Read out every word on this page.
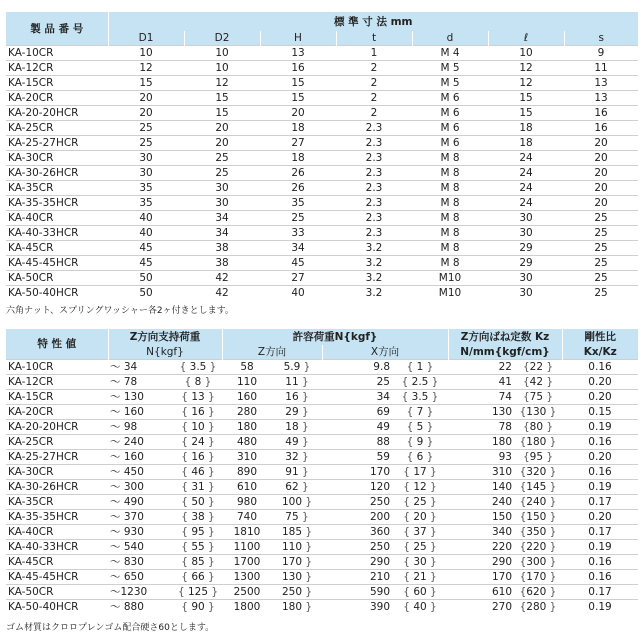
製 品 番 号	標 準 寸 法 mm						
	D1	D2	H	t	d	ℓ	s
KA-10CR	10	10	13	1	M 4	10	9
KA-12CR	12	10	16	2	M 5	12	11
KA-15CR	15	12	15	2	M 5	12	13
KA-20CR	20	15	15	2	M 6	15	13
KA-20-20HCR	20	15	20	2	M 6	15	16
KA-25CR	25	20	18	2.3	M 6	18	16
KA-25-27HCR	25	20	27	2.3	M 6	18	20
KA-30CR	30	25	18	2.3	M 8	24	20
KA-30-26HCR	30	25	26	2.3	M 8	24	20
KA-35CR	35	30	26	2.3	M 8	24	20
KA-35-35HCR	35	30	35	2.3	M 8	24	20
KA-40CR	40	34	25	2.3	M 8	30	25
KA-40-33HCR	40	34	33	2.3	M 8	30	25
KA-45CR	45	38	34	3.2	M 8	29	25
KA-45-45HCR	45	38	45	3.2	M 8	29	25
KA-50CR	50	42	27	3.2	M10	30	25
KA-50-40HCR	50	42	40	3.2	M10	30	25
六角ナット、スプリングワッシャー各2ヶ付きとします。
特 性 値	Z方向支持荷重		許容荷重N{kgf}				Z方向ばね定数 Kz		剛性比
	N{kgf}		Z方向		X方向		N/mm{kgf/cm}		Kx/Kz
KA-10CR	～ 34	{ 3.5 }	58	5.9 }	9.8	{ 1 }	22	{22 }	0.16
KA-12CR	～ 78	{ 8 }	110	11 }	25	{ 2.5 }	41	{42 }	0.20
KA-15CR	～ 130	{ 13 }	160	16 }	34	{ 3.5 }	74	{75 }	0.20
KA-20CR	～ 160	{ 16 }	280	29 }	69	{ 7 }	130	{130 }	0.15
KA-20-20HCR	～ 98	{ 10 }	180	18 }	49	{ 5 }	78	{80 }	0.19
KA-25CR	～ 240	{ 24 }	480	49 }	88	{ 9 }	180	{180 }	0.16
KA-25-27HCR	～ 160	{ 16 }	310	32 }	59	{ 6 }	93	{95 }	0.20
KA-30CR	～ 450	{ 46 }	890	91 }	170	{ 17 }	310	{320 }	0.16
KA-30-26HCR	～ 300	{ 31 }	610	62 }	120	{ 12 }	140	{145 }	0.19
KA-35CR	～ 490	{ 50 }	980	100 }	250	{ 25 }	240	{240 }	0.17
KA-35-35HCR	～ 370	{ 38 }	740	75 }	200	{ 20 }	150	{150 }	0.20
KA-40CR	～ 930	{ 95 }	1810	185 }	360	{ 37 }	340	{350 }	0.17
KA-40-33HCR	～ 540	{ 55 }	1100	110 }	250	{ 25 }	220	{220 }	0.19
KA-45CR	～ 830	{ 85 }	1700	170 }	290	{ 30 }	290	{300 }	0.16
KA-45-45HCR	～ 650	{ 66 }	1300	130 }	210	{ 21 }	170	{170 }	0.16
KA-50CR	～1230	{ 125 }	2500	250 }	590	{ 60 }	610	{620 }	0.17
KA-50-40HCR	～ 880	{ 90 }	1800	180 }	390	{ 40 }	270	{280 }	0.19
ゴム材質はクロロプレンゴム配合硬さ60とします。
